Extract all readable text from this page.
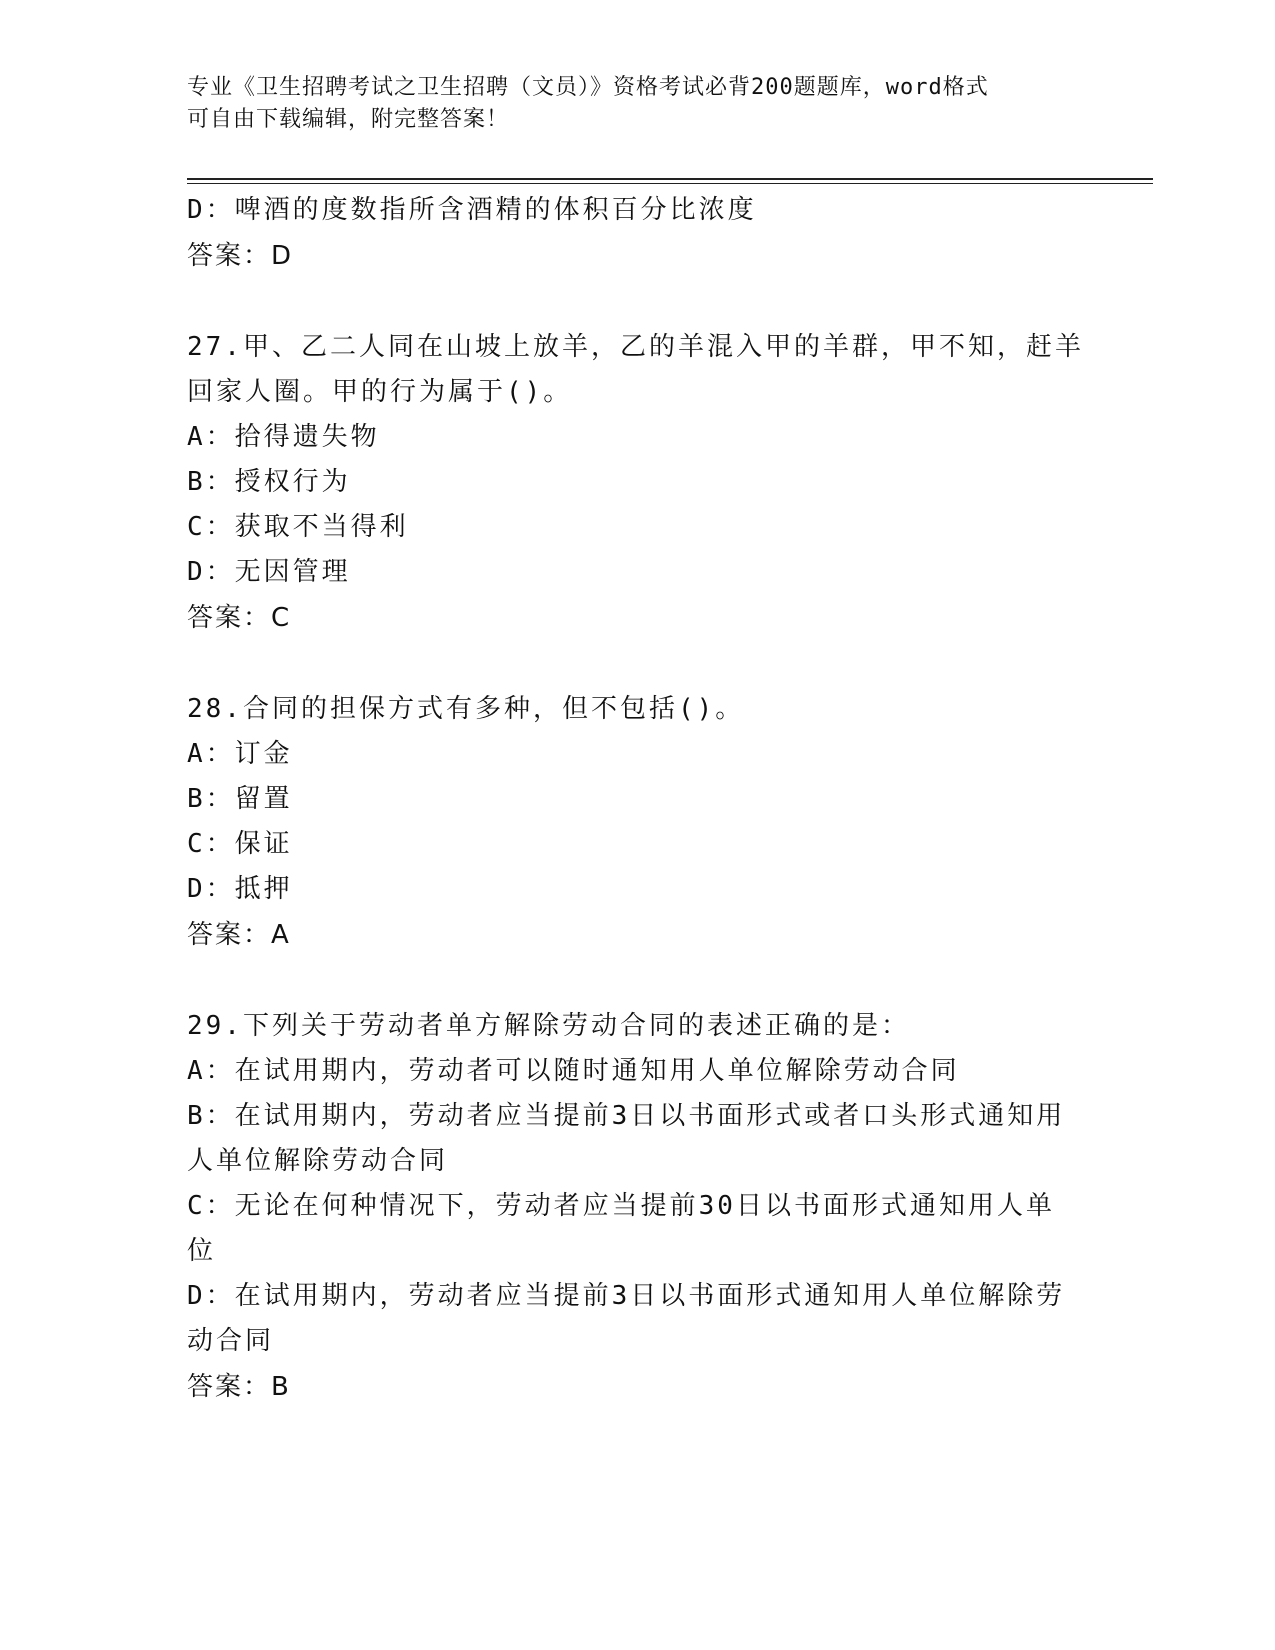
专业《卫生招聘考试之卫生招聘（文员）》资格考试必背200题题库，word格式
可自由下载编辑，附完整答案！
D：啤酒的度数指所含酒精的体积百分比浓度
答案：D
27.甲、乙二人同在山坡上放羊，乙的羊混入甲的羊群，甲不知，赶羊
回家人圈。甲的行为属于()。
A：拾得遗失物
B：授权行为
C：获取不当得利
D：无因管理
答案：C
28.合同的担保方式有多种，但不包括()。
A：订金
B：留置
C：保证
D：抵押
答案：A
29.下列关于劳动者单方解除劳动合同的表述正确的是：
A：在试用期内，劳动者可以随时通知用人单位解除劳动合同
B：在试用期内，劳动者应当提前3日以书面形式或者口头形式通知用
人单位解除劳动合同
C：无论在何种情况下，劳动者应当提前30日以书面形式通知用人单
位
D：在试用期内，劳动者应当提前3日以书面形式通知用人单位解除劳
动合同
答案：B
